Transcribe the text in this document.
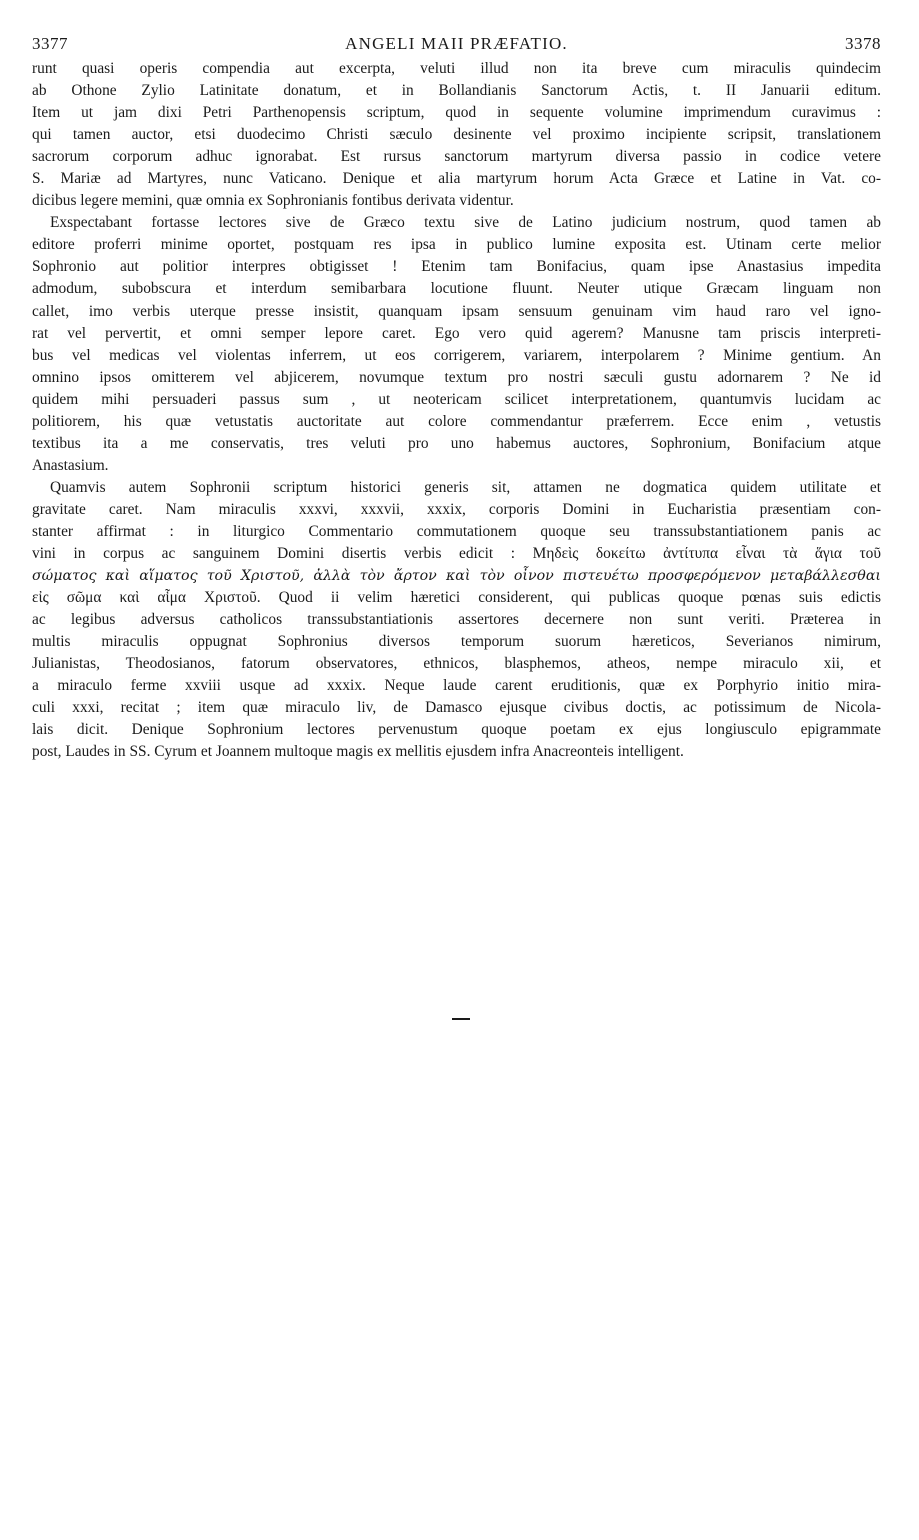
3377	ANGELI MAII PRÆFATIO.	3378

runt quasi operis compendia aut excerpta, veluti illud non ita breve cum miraculis quindecim
ab Othone Zylio Latinitate donatum, et in Bollandianis Sanctorum Actis, t. II Januarii editum.
Item ut jam dixi Petri Parthenopensis scriptum, quod in sequente volumine imprimendum curavimus :
qui tamen auctor, etsi duodecimo Christi sæculo desinente vel proximo incipiente scripsit, translationem
sacrorum corporum adhuc ignorabat. Est rursus sanctorum martyrum diversa passio in codice vetere
S. Mariæ ad Martyres, nunc Vaticano. Denique et alia martyrum horum Acta Græce et Latine in Vat. co-
dicibus legere memini, quæ omnia ex Sophronianis fontibus derivata videntur.

Exspectabant fortasse lectores sive de Græco textu sive de Latino judicium nostrum, quod tamen ab
editore proferri minime oportet, postquam res ipsa in publico lumine exposita est. Utinam certe melior
Sophronio aut politior interpres obtigisset ! Etenim tam Bonifacius, quam ipse Anastasius impedita
admodum, subobscura et interdum semibarbara locutione fluunt. Neuter utique Græcam linguam non
callet, imo verbis uterque presse insistit, quanquam ipsam sensuum genuinam vim haud raro vel igno-
rat vel pervertit, et omni semper lepore caret. Ego vero quid agerem? Manusne tam priscis interpreti-
bus vel medicas vel violentas inferrem, ut eos corrigerem, variarem, interpolarem ? Minime gentium. An
omnino ipsos omitterem vel abjicerem, novumque textum pro nostri sæculi gustu adornarem ? Ne id
quidem mihi persuaderi passus sum , ut neotericam scilicet interpretationem, quantumvis lucidam ac
politiorem, his quæ vetustatis auctoritate aut colore commendantur præferrem. Ecce enim , vetustis
textibus ita a me conservatis, tres veluti pro uno habemus auctores, Sophronium, Bonifacium atque
Anastasium.

Quamvis autem Sophronii scriptum historici generis sit, attamen ne dogmatica quidem utilitate et
gravitate caret. Nam miraculis xxxvi, xxxvii, xxxix, corporis Domini in Eucharistia præsentiam con-
stanter affirmat : in liturgico Commentario commutationem quoque seu transsubstantiationem panis ac
vini in corpus ac sanguinem Domini disertis verbis edicit : Μηδεὶς δοκείτω ἀντίτυπα εἶναι τὰ ἅγια τοῦ
σώματος καὶ αἵματος τοῦ Χριστοῦ, ἀλλὰ τὸν ἄρτον καὶ τὸν οἶνον πιστευέτω προσφερόμενον μεταβάλλεσθαι
εἰς σῶμα καὶ αἷμα Χριστοῦ. Quod ii velim hæretici considerent, qui publicas quoque pœnas suis edictis
ac legibus adversus catholicos transsubstantiationis assertores decernere non sunt veriti. Præterea in
multis miraculis oppugnat Sophronius diversos temporum suorum hæreticos, Severianos nimirum,
Julianistas, Theodosianos, fatorum observatores, ethnicos, blasphemos, atheos, nempe miraculo xii, et
a miraculo ferme xxviii usque ad xxxix. Neque laude carent eruditionis, quæ ex Porphyrio initio mira-
culi xxxi, recitat ; item quæ miraculo liv, de Damasco ejusque civibus doctis, ac potissimum de Nicola-
lais dicit. Denique Sophronium lectores pervenustum quoque poetam ex ejus longiusculo epigrammate
post, Laudes in SS. Cyrum et Joannem multoque magis ex mellitis ejusdem infra Anacreonteis intelligent.
